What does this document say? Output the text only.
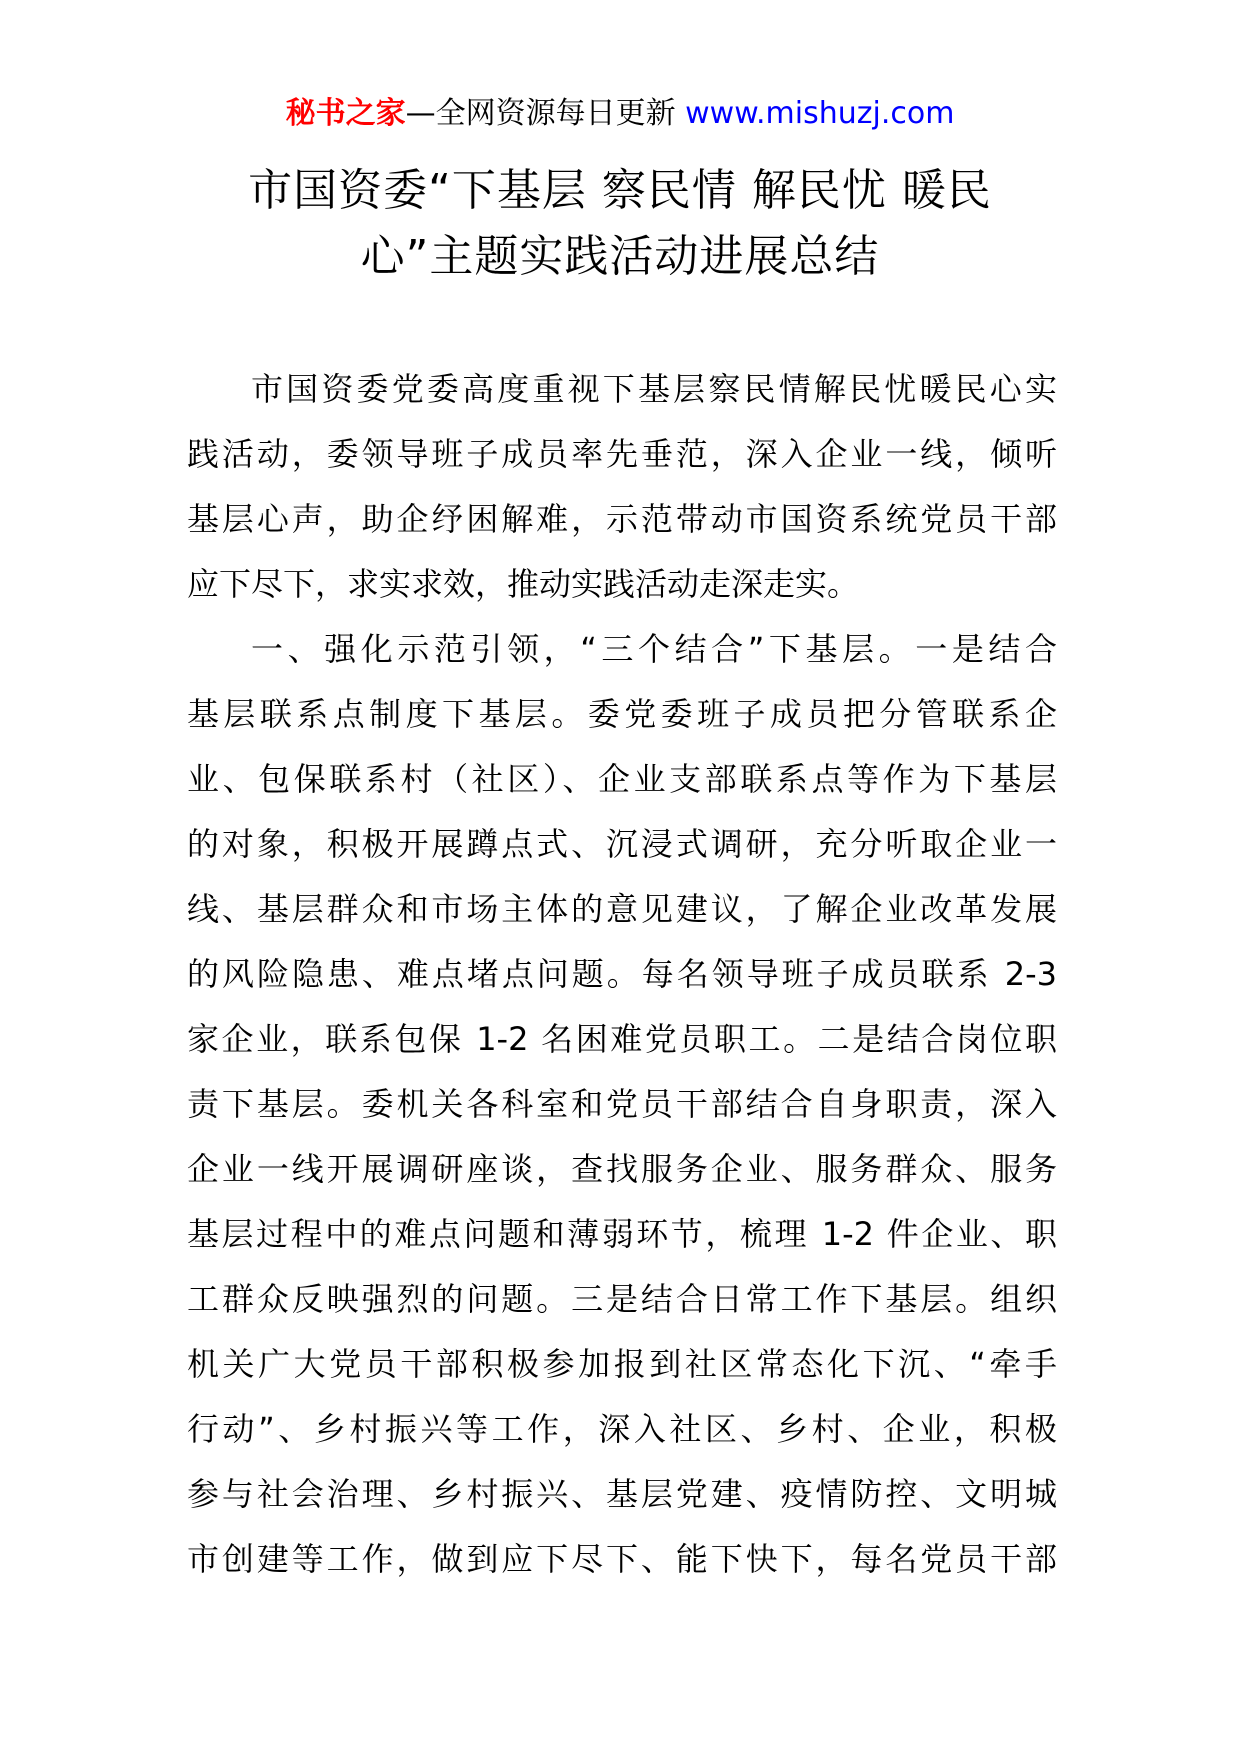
秘书之家—全网资源每日更新 www.mishuzj.com
市国资委“下基层 察民情 解民忧 暖民
心”主题实践活动进展总结
市国资委党委高度重视下基层察民情解民忧暖民心实
践活动，委领导班子成员率先垂范，深入企业一线，倾听
基层心声，助企纾困解难，示范带动市国资系统党员干部
应下尽下，求实求效，推动实践活动走深走实。
一、强化示范引领，“三个结合”下基层。一是结合
基层联系点制度下基层。委党委班子成员把分管联系企
业、包保联系村（社区）、企业支部联系点等作为下基层
的对象，积极开展蹲点式、沉浸式调研，充分听取企业一
线、基层群众和市场主体的意见建议，了解企业改革发展
的风险隐患、难点堵点问题。每名领导班子成员联系 2-3
家企业，联系包保 1-2 名困难党员职工。二是结合岗位职
责下基层。委机关各科室和党员干部结合自身职责，深入
企业一线开展调研座谈，查找服务企业、服务群众、服务
基层过程中的难点问题和薄弱环节，梳理 1-2 件企业、职
工群众反映强烈的问题。三是结合日常工作下基层。组织
机关广大党员干部积极参加报到社区常态化下沉、“牵手
行动”、乡村振兴等工作，深入社区、乡村、企业，积极
参与社会治理、乡村振兴、基层党建、疫情防控、文明城
市创建等工作，做到应下尽下、能下快下，每名党员干部
